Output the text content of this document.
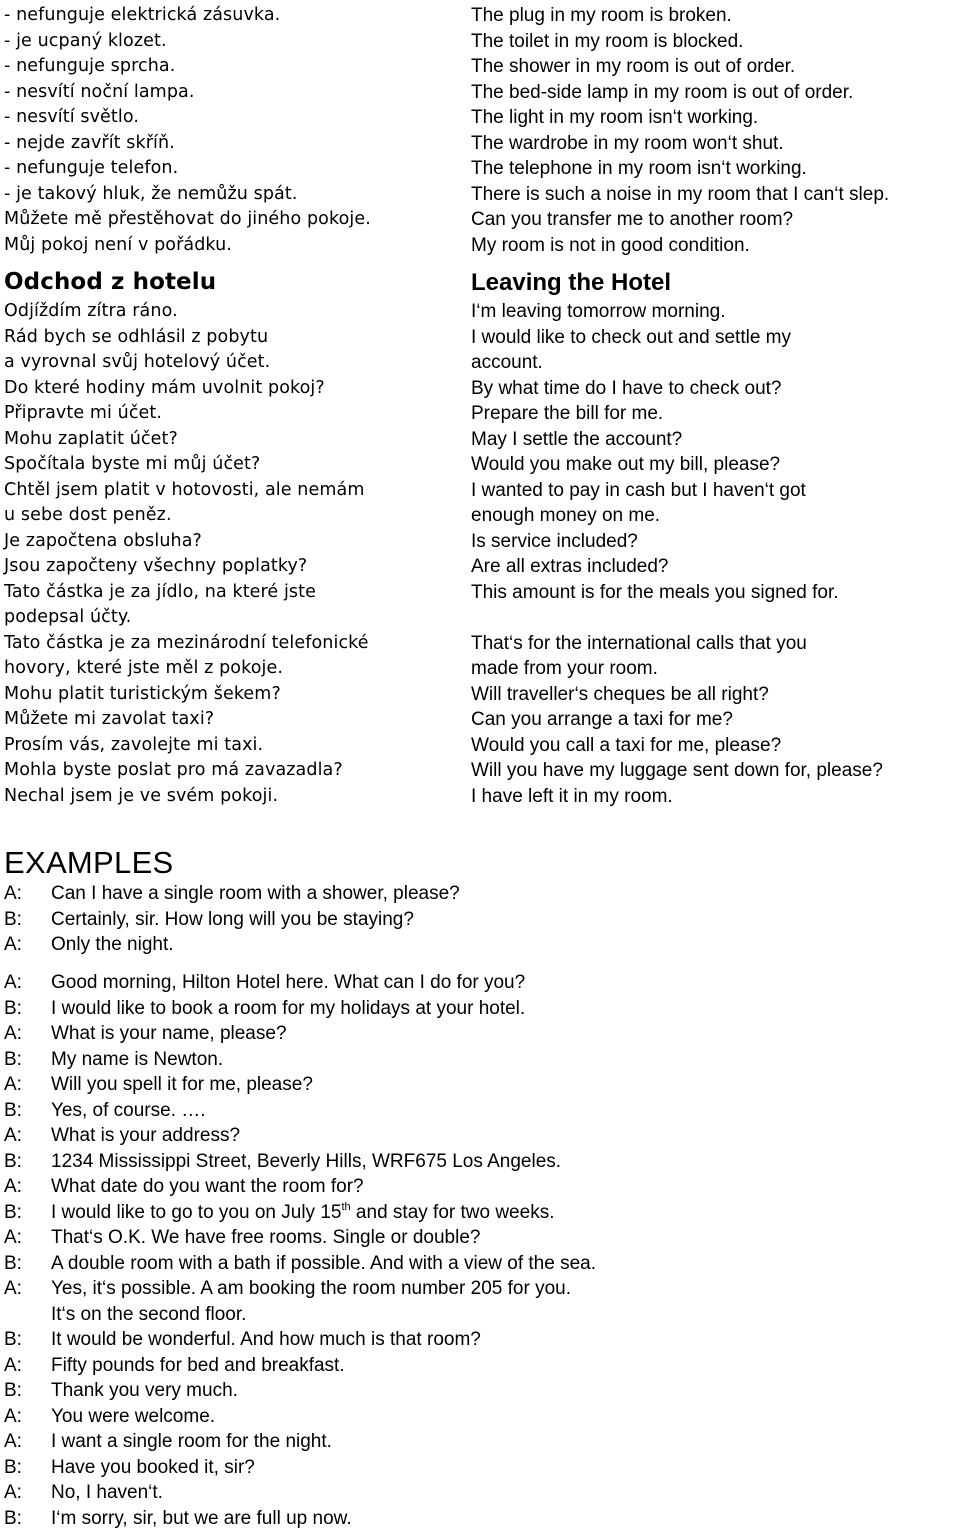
- nefunguje elektrická zásuvka.	The plug in my room is broken.
- je ucpaný klozet.	The toilet in my room is blocked.
- nefunguje sprcha.	The shower in my room is out of order.
- nesvítí noční lampa.	The bed-side lamp in my room is out of order.
- nesvítí světlo.	The light in my room isn‘t working.
- nejde zavřít skříň.	The wardrobe in my room won‘t shut.
- nefunguje telefon.	The telephone in my room isn‘t working.
- je takový hluk, že nemůžu spát.	There is such a noise in my room that I can‘t slep.
Můžete mě přestěhovat do jiného pokoje.	Can you transfer me to another room?
Můj pokoj není v pořádku.	My room is not in good condition.
Odchod z hotelu	Leaving the Hotel
Odjíždím zítra ráno.	I‘m leaving tomorrow morning.
Rád bych se odhlásil z pobytu	I would like to check out and settle my
a vyrovnal svůj hotelový účet.	account.
Do které hodiny mám uvolnit pokoj?	By what time do I have to check out?
Připravte mi účet.	Prepare the bill for me.
Mohu zaplatit účet?	May I settle the account?
Spočítala byste mi můj účet?	Would you make out my bill, please?
Chtěl jsem platit v hotovosti, ale nemám	I wanted to pay in cash but I haven‘t got
u sebe dost peněz.	enough money on me.
Je započtena obsluha?	Is service included?
Jsou započteny všechny poplatky?	Are all extras included?
Tato částka je za jídlo, na které jste	This amount is for the meals you signed for.
podepsal účty.
Tato částka je za mezinárodní telefonické	That‘s for the international calls that you
hovory, které jste měl z pokoje.	made from your room.
Mohu platit turistickým šekem?	Will traveller‘s cheques be all right?
Můžete mi zavolat taxi?	Can you arrange a taxi for me?
Prosím vás, zavolejte mi taxi.	Would you call a taxi for me, please?
Mohla byste poslat pro má zavazadla?	Will you have my luggage sent down for, please?
Nechal jsem je ve svém pokoji.	I have left it in my room.
EXAMPLES
A:	Can I have a single room with a shower, please?
B:	Certainly, sir. How long will you be staying?
A:	Only the night.
A:	Good morning, Hilton Hotel here. What can I do for you?
B:	I would like to book a room for my holidays at your hotel.
A:	What is your name, please?
B:	My name is Newton.
A:	Will you spell it for me, please?
B:	Yes, of course. ….
A:	What is your address?
B:	1234 Mississippi Street, Beverly Hills, WRF675 Los Angeles.
A:	What date do you want the room for?
B:	I would like to go to you on July 15th and stay for two weeks.
A:	That‘s O.K. We have free rooms. Single or double?
B:	A double room with a bath if possible. And with a view of the sea.
A:	Yes, it‘s possible. A am booking the room number 205 for you.
It‘s on the second floor.
B:	It would be wonderful. And how much is that room?
A:	Fifty pounds for bed and breakfast.
B:	Thank you very much.
A:	You were welcome.
A:	I want a single room for the night.
B:	Have you booked it, sir?
A:	No, I haven‘t.
B:	I‘m sorry, sir, but we are full up now.
